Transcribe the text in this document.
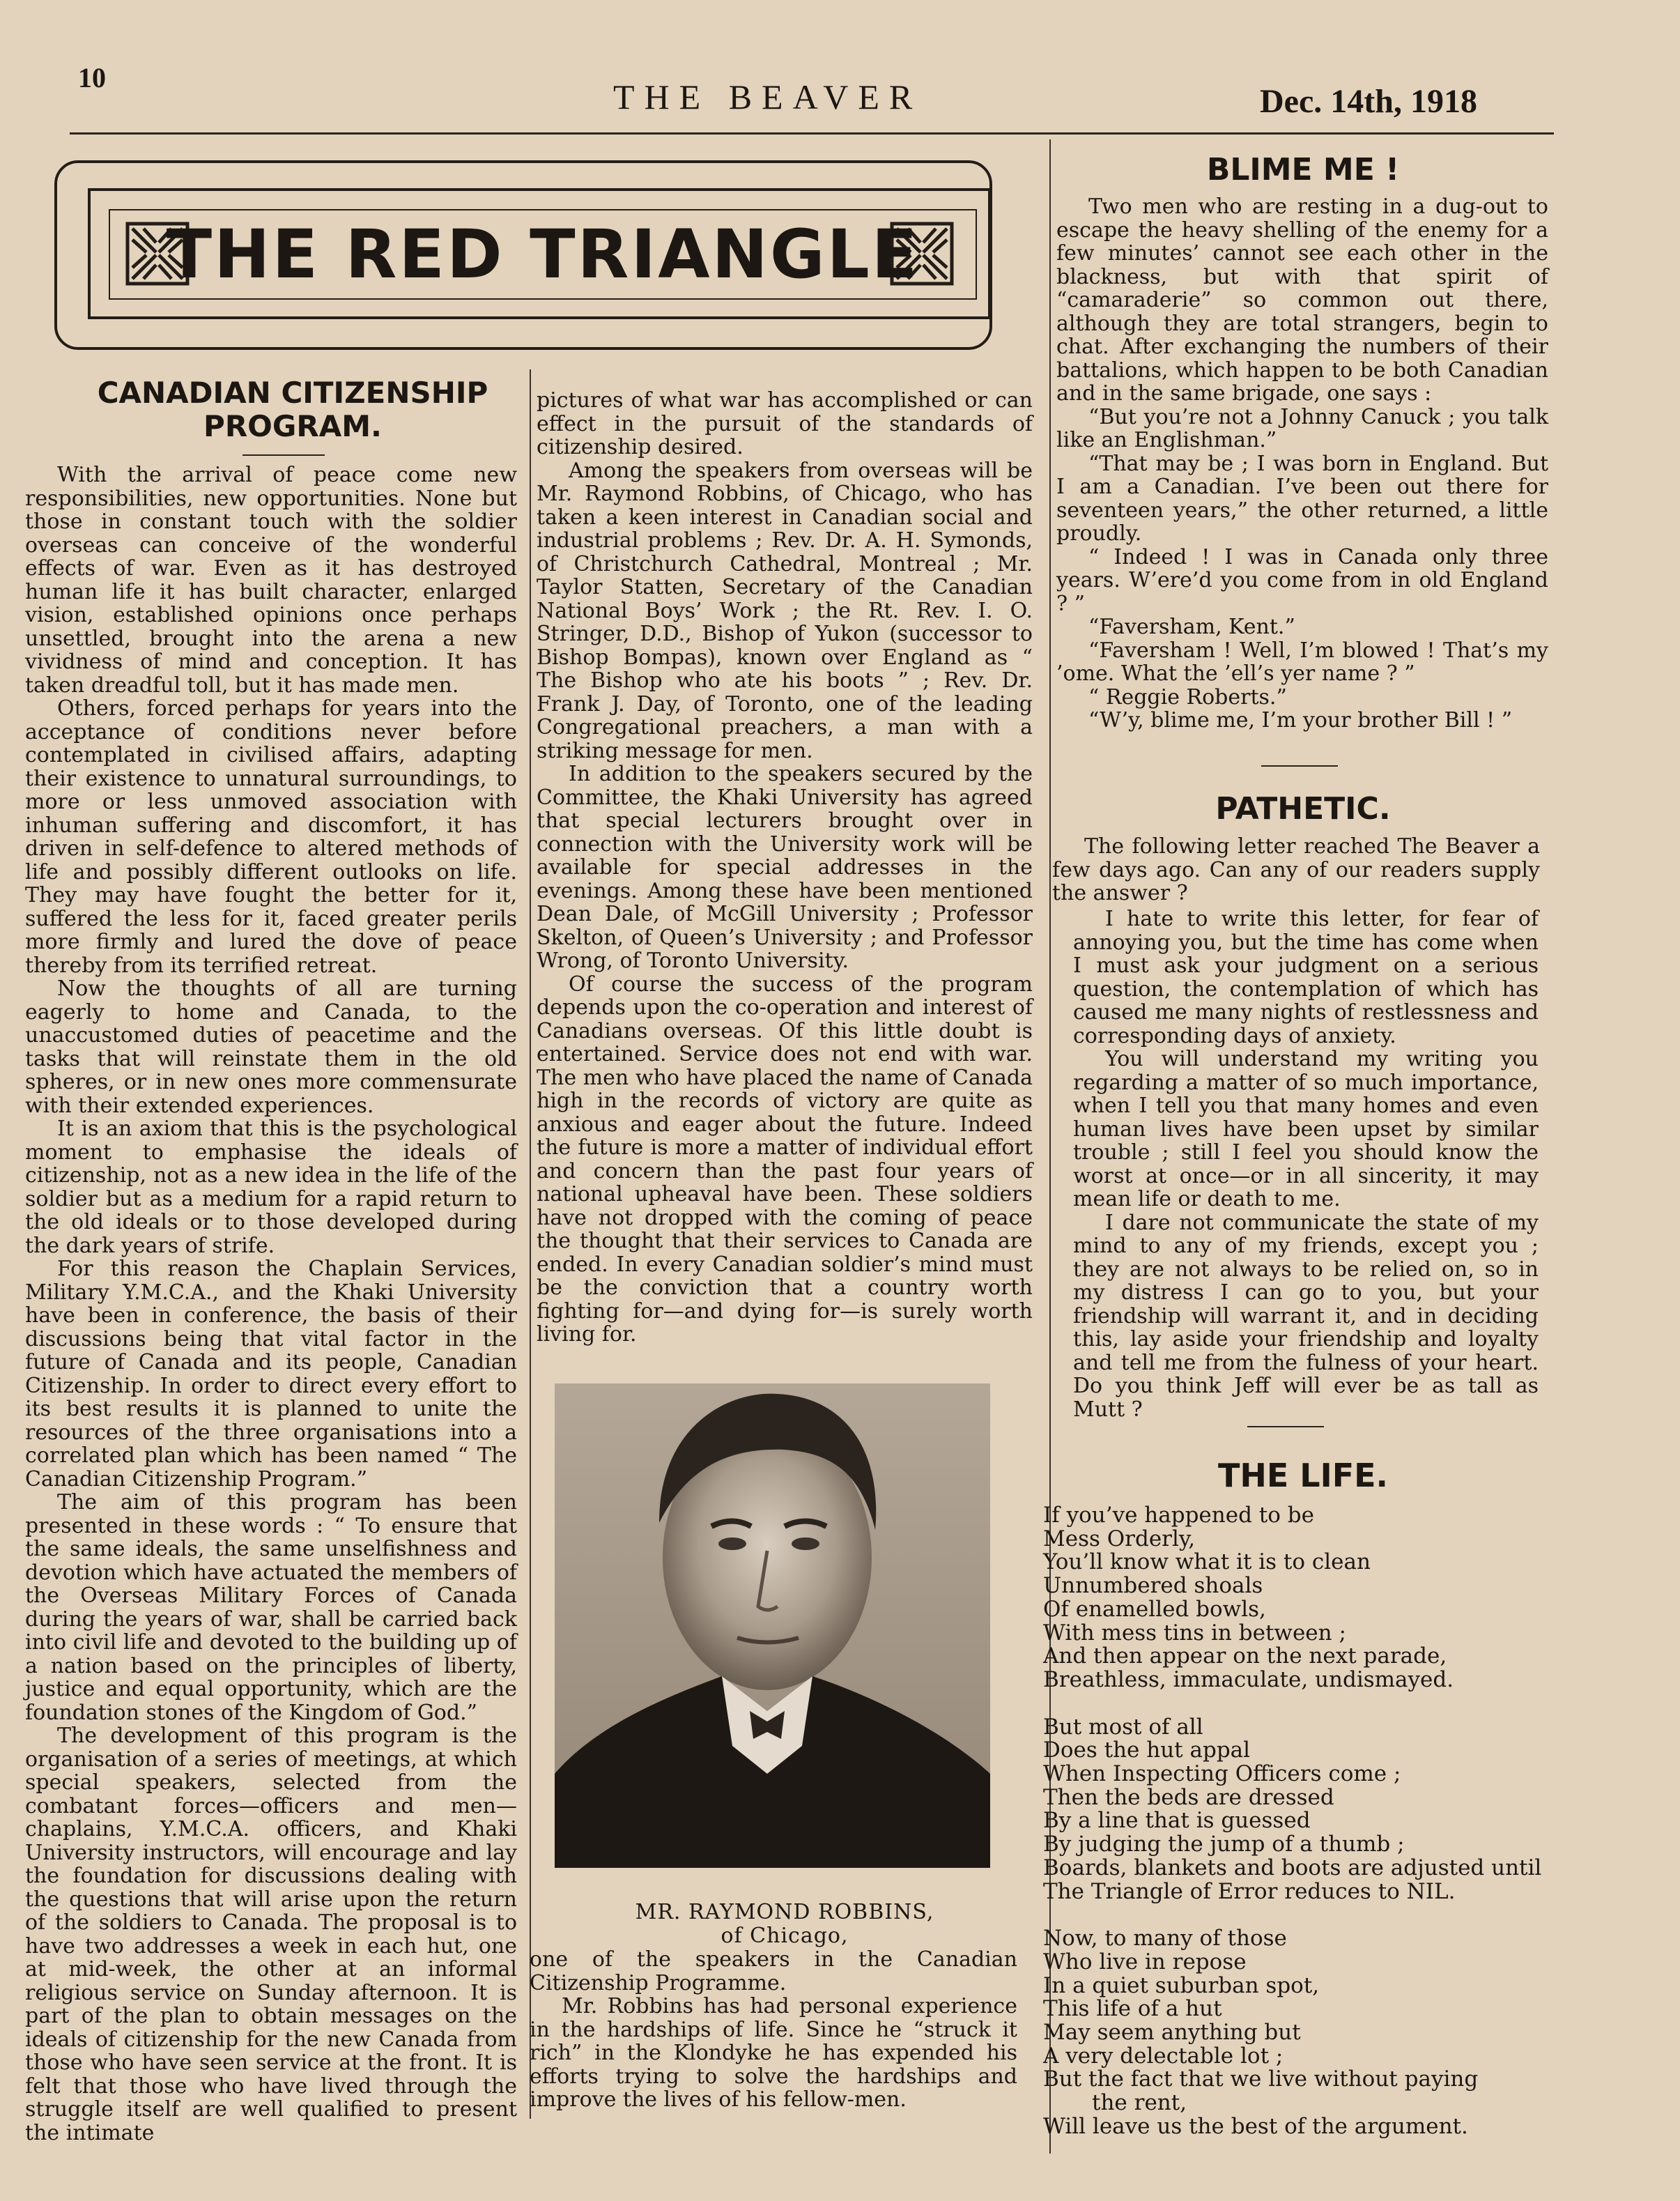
10	THE BEAVER	Dec. 14th, 1918
THE RED TRIANGLE
CANADIAN CITIZENSHIP
PROGRAM.

With the arrival of peace come new responsibilities, new opportunities. None but those in constant touch with the soldier overseas can conceive of the wonderful effects of war. Even as it has destroyed human life it has built character, enlarged vision, established opinions once perhaps unsettled, brought into the arena a new vividness of mind and conception. It has taken dreadful toll, but it has made men.

Others, forced perhaps for years into the acceptance of conditions never before contemplated in civilised affairs, adapting their existence to unnatural surroundings, to more or less unmoved association with inhuman suffering and discomfort, it has driven in self-defence to altered methods of life and possibly different outlooks on life. They may have fought the better for it, suffered the less for it, faced greater perils more firmly and lured the dove of peace thereby from its terrified retreat.

Now the thoughts of all are turning eagerly to home and Canada, to the unaccustomed duties of peacetime and the tasks that will reinstate them in the old spheres, or in new ones more commensurate with their extended experiences.

It is an axiom that this is the psychological moment to emphasise the ideals of citizenship, not as a new idea in the life of the soldier but as a medium for a rapid return to the old ideals or to those developed during the dark years of strife.

For this reason the Chaplain Services, Military Y.M.C.A., and the Khaki University have been in conference, the basis of their discussions being that vital factor in the future of Canada and its people, Canadian Citizenship. In order to direct every effort to its best results it is planned to unite the resources of the three organisations into a correlated plan which has been named “ The Canadian Citizenship Program.”

The aim of this program has been presented in these words : “ To ensure that the same ideals, the same unselfishness and devotion which have actuated the members of the Overseas Military Forces of Canada during the years of war, shall be carried back into civil life and devoted to the building up of a nation based on the principles of liberty, justice and equal opportunity, which are the foundation stones of the Kingdom of God.”

The development of this program is the organisation of a series of meetings, at which special speakers, selected from the combatant forces—officers and men—chaplains, Y.M.C.A. officers, and Khaki University instructors, will encourage and lay the foundation for discussions dealing with the questions that will arise upon the return of the soldiers to Canada. The proposal is to have two addresses a week in each hut, one at mid-week, the other at an informal religious service on Sunday afternoon. It is part of the plan to obtain messages on the ideals of citizenship for the new Canada from those who have seen service at the front. It is felt that those who have lived through the struggle itself are well qualified to present the intimate

pictures of what war has accomplished or can effect in the pursuit of the standards of citizenship desired.

Among the speakers from overseas will be Mr. Raymond Robbins, of Chicago, who has taken a keen interest in Canadian social and industrial problems ; Rev. Dr. A. H. Symonds, of Christchurch Cathedral, Montreal ; Mr. Taylor Statten, Secretary of the Canadian National Boys’ Work ; the Rt. Rev. I. O. Stringer, D.D., Bishop of Yukon (successor to Bishop Bompas), known over England as “ The Bishop who ate his boots ” ; Rev. Dr. Frank J. Day, of Toronto, one of the leading Congregational preachers, a man with a striking message for men.

In addition to the speakers secured by the Committee, the Khaki University has agreed that special lecturers brought over in connection with the University work will be available for special addresses in the evenings. Among these have been mentioned Dean Dale, of McGill University ; Professor Skelton, of Queen’s University ; and Professor Wrong, of Toronto University.

Of course the success of the program depends upon the co-operation and interest of Canadians overseas. Of this little doubt is entertained. Service does not end with war. The men who have placed the name of Canada high in the records of victory are quite as anxious and eager about the future. Indeed the future is more a matter of individual effort and concern than the past four years of national upheaval have been. These soldiers have not dropped with the coming of peace the thought that their services to Canada are ended. In every Canadian soldier’s mind must be the conviction that a country worth fighting for—and dying for—is surely worth living for.

MR. RAYMOND ROBBINS,
of Chicago,

one of the speakers in the Canadian Citizenship Programme.

Mr. Robbins has had personal experience in the hardships of life. Since he “struck it rich” in the Klondyke he has expended his efforts trying to solve the hardships and improve the lives of his fellow-men.

BLIME ME !

Two men who are resting in a dug-out to escape the heavy shelling of the enemy for a few minutes’ cannot see each other in the blackness, but with that spirit of “camaraderie” so common out there, although they are total strangers, begin to chat. After exchanging the numbers of their battalions, which happen to be both Canadian and in the same brigade, one says :

“But you’re not a Johnny Canuck ; you talk like an Englishman.”

“That may be ; I was born in England. But I am a Canadian. I’ve been out there for seventeen years,” the other returned, a little proudly.

“ Indeed ! I was in Canada only three years. W’ere’d you come from in old England ? ”

“Faversham, Kent.”

“Faversham ! Well, I’m blowed ! That’s my ’ome. What the ’ell’s yer name ? ”

“ Reggie Roberts.”

“W’y, blime me, I’m your brother Bill ! ”

PATHETIC.

The following letter reached The Beaver a few days ago. Can any of our readers supply the answer ?

I hate to write this letter, for fear of annoying you, but the time has come when I must ask your judgment on a serious question, the contemplation of which has caused me many nights of restlessness and corresponding days of anxiety.

You will understand my writing you regarding a matter of so much importance, when I tell you that many homes and even human lives have been upset by similar trouble ; still I feel you should know the worst at once—or in all sincerity, it may mean life or death to me.

I dare not communicate the state of my mind to any of my friends, except you ; they are not always to be relied on, so in my distress I can go to you, but your friendship will warrant it, and in deciding this, lay aside your friendship and loyalty and tell me from the fulness of your heart. Do you think Jeff will ever be as tall as Mutt ?

THE LIFE.
If you’ve happened to be
Mess Orderly,
You’ll know what it is to clean
Unnumbered shoals
Of enamelled bowls,
With mess tins in between ;
And then appear on the next parade,
Breathless, immaculate, undismayed.
But most of all
Does the hut appal
When Inspecting Officers come ;
Then the beds are dressed
By a line that is guessed
By judging the jump of a thumb ;
Boards, blankets and boots are adjusted until
The Triangle of Error reduces to NIL.
Now, to many of those
Who live in repose
In a quiet suburban spot,
This life of a hut
May seem anything but
A very delectable lot ;
But the fact that we live without paying
the rent,
Will leave us the best of the argument.
